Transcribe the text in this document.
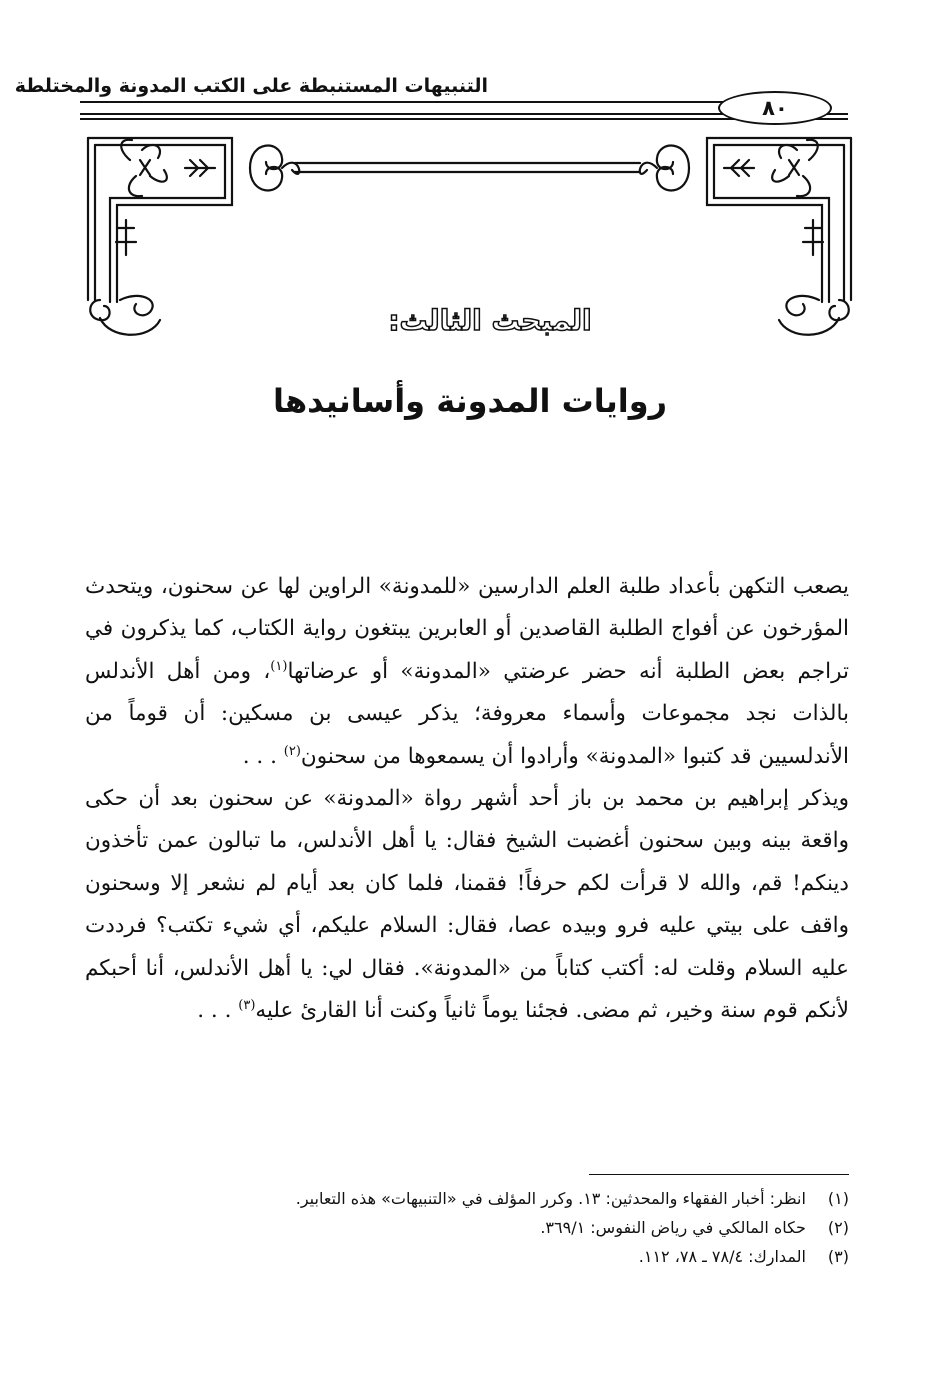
التنبيهات المستنبطة على الكتب المدونة والمختلطة
٨٠
المبحث الثالث:
روايات المدونة وأسانيدها

يصعب التكهن بأعداد طلبة العلم الدارسين «للمدونة» الراوين لها عن سحنون، ويتحدث المؤرخون عن أفواج الطلبة القاصدين أو العابرين يبتغون رواية الكتاب، كما يذكرون في تراجم بعض الطلبة أنه حضر عرضتي «المدونة» أو عرضاتها$^{(١)}$، ومن أهل الأندلس بالذات نجد مجموعات وأسماء معروفة؛ يذكر عيسى بن مسكين: أن قوماً من الأندلسيين قد كتبوا «المدونة» وأرادوا أن يسمعوها من سحنون$^{(٢)}$ . . .

ويذكر إبراهيم بن محمد بن باز أحد أشهر رواة «المدونة» عن سحنون بعد أن حكى واقعة بينه وبين سحنون أغضبت الشيخ فقال: يا أهل الأندلس، ما تبالون عمن تأخذون دينكم! قم، والله لا قرأت لكم حرفاً! فقمنا، فلما كان بعد أيام لم نشعر إلا وسحنون واقف على بيتي عليه فرو وبيده عصا، فقال: السلام عليكم، أي شيء تكتب؟ فرددت عليه السلام وقلت له: أكتب كتاباً من «المدونة». فقال لي: يا أهل الأندلس، أنا أحبكم لأنكم قوم سنة وخير، ثم مضى. فجئنا يوماً ثانياً وكنت أنا القارئ عليه$^{(٣)}$ . . .

(١) انظر: أخبار الفقهاء والمحدثين: ١٣. وكرر المؤلف في «التنبيهات» هذه التعابير.
(٢) حكاه المالكي في رياض النفوس: ٣٦٩/١.
(٣) المدارك: ٧٨/٤ ـ ٧٨، ١١٢.
